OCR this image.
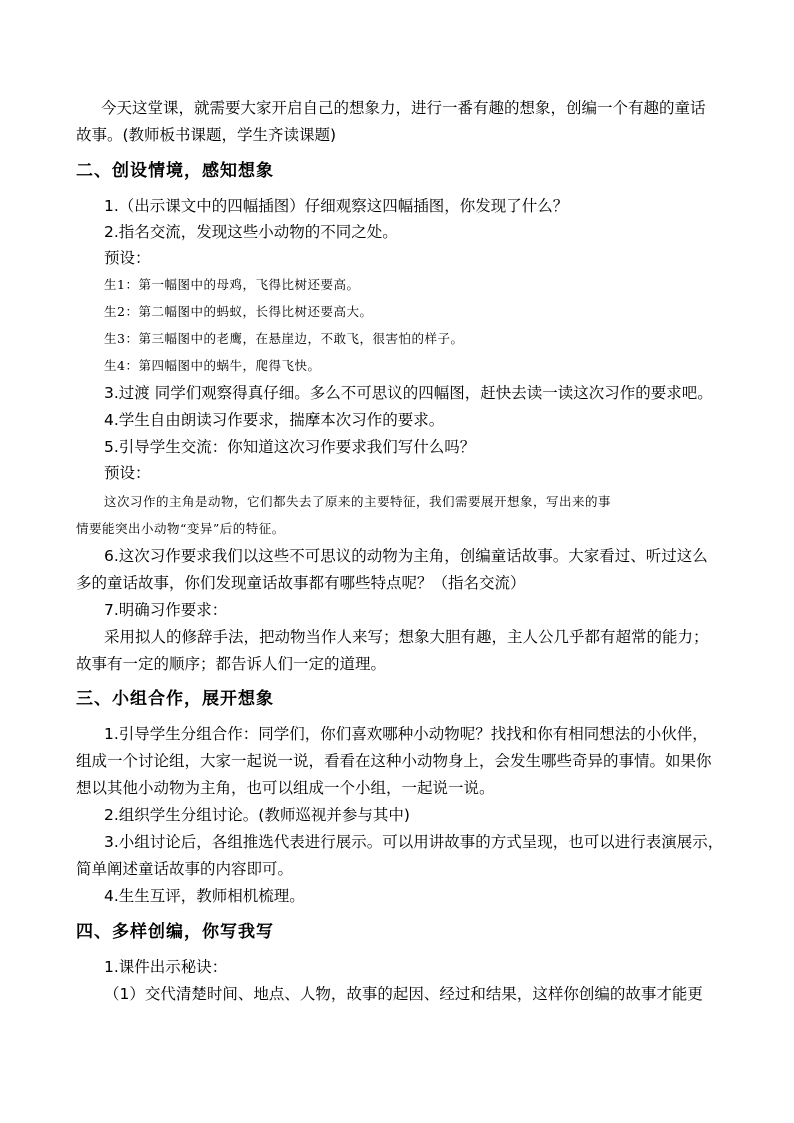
今天这堂课，就需要大家开启自己的想象力，进行一番有趣的想象，创编一个有趣的童话
故事。(教师板书课题，学生齐读课题)
二、创设情境，感知想象
1.（出示课文中的四幅插图）仔细观察这四幅插图，你发现了什么？
2.指名交流，发现这些小动物的不同之处。
预设：
生1：第一幅图中的母鸡，飞得比树还要高。
生2：第二幅图中的蚂蚁，长得比树还要高大。
生3：第三幅图中的老鹰，在悬崖边，不敢飞，很害怕的样子。
生4：第四幅图中的蜗牛，爬得飞快。
3.过渡 同学们观察得真仔细。多么不可思议的四幅图，赶快去读一读这次习作的要求吧。
4.学生自由朗读习作要求，揣摩本次习作的要求。
5.引导学生交流：你知道这次习作要求我们写什么吗？
预设：
这次习作的主角是动物，它们都失去了原来的主要特征，我们需要展开想象，写出来的事
情要能突出小动物“变异”后的特征。
6.这次习作要求我们以这些不可思议的动物为主角，创编童话故事。大家看过、听过这么
多的童话故事，你们发现童话故事都有哪些特点呢？（指名交流）
7.明确习作要求：
采用拟人的修辞手法，把动物当作人来写；想象大胆有趣，主人公几乎都有超常的能力；
故事有一定的顺序；都告诉人们一定的道理。
三、小组合作，展开想象
1.引导学生分组合作：同学们，你们喜欢哪种小动物呢？找找和你有相同想法的小伙伴，
组成一个讨论组，大家一起说一说，看看在这种小动物身上，会发生哪些奇异的事情。如果你
想以其他小动物为主角，也可以组成一个小组，一起说一说。
2.组织学生分组讨论。(教师巡视并参与其中)
3.小组讨论后，各组推选代表进行展示。可以用讲故事的方式呈现，也可以进行表演展示，
简单阐述童话故事的内容即可。
4.生生互评，教师相机梳理。
四、多样创编，你写我写
1.课件出示秘诀：
（1）交代清楚时间、地点、人物，故事的起因、经过和结果，这样你创编的故事才能更
